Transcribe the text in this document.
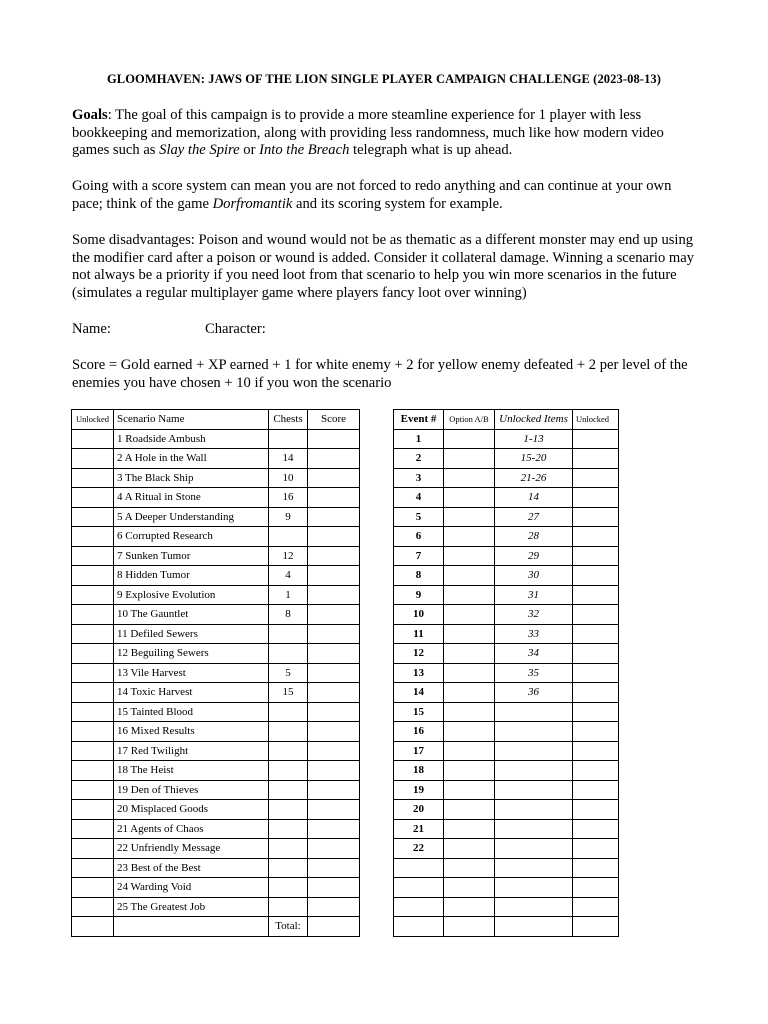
GLOOMHAVEN: JAWS OF THE LION SINGLE PLAYER CAMPAIGN CHALLENGE (2023-08-13)

Goals: The goal of this campaign is to provide a more steamline experience for 1 player with less bookkeeping and memorization, along with providing less randomness, much like how modern video games such as Slay the Spire or Into the Breach telegraph what is up ahead.

Going with a score system can mean you are not forced to redo anything and can continue at your own pace; think of the game Dorfromantik and its scoring system for example.

Some disadvantages: Poison and wound would not be as thematic as a different monster may end up using the modifier card after a poison or wound is added. Consider it collateral damage. Winning a scenario may not always be a priority if you need loot from that scenario to help you win more scenarios in the future (simulates a regular multiplayer game where players fancy loot over winning)

Name:	Character:

Score = Gold earned + XP earned + 1 for white enemy + 2 for yellow enemy defeated + 2 per level of the enemies you have chosen + 10 if you won the scenario

Unlocked	Scenario Name	Chests	Score
	1 Roadside Ambush		
	2 A Hole in the Wall	14	
	3 The Black Ship	10	
	4 A Ritual in Stone	16	
	5 A Deeper Understanding	9	
	6 Corrupted Research		
	7 Sunken Tumor	12	
	8 Hidden Tumor	4	
	9 Explosive Evolution	1	
	10 The Gauntlet	8	
	11 Defiled Sewers		
	12 Beguiling Sewers		
	13 Vile Harvest	5	
	14 Toxic Harvest	15	
	15 Tainted Blood		
	16 Mixed Results		
	17 Red Twilight		
	18 The Heist		
	19 Den of Thieves		
	20 Misplaced Goods		
	21 Agents of Chaos		
	22 Unfriendly Message		
	23 Best of the Best		
	24 Warding Void		
	25 The Greatest Job		
		Total:	
Event #	Option A/B	Unlocked Items	Unlocked
1		1-13	
2		15-20	
3		21-26	
4		14	
5		27	
6		28	
7		29	
8		30	
9		31	
10		32	
11		33	
12		34	
13		35	
14		36	
15			
16			
17			
18			
19			
20			
21			
22			
